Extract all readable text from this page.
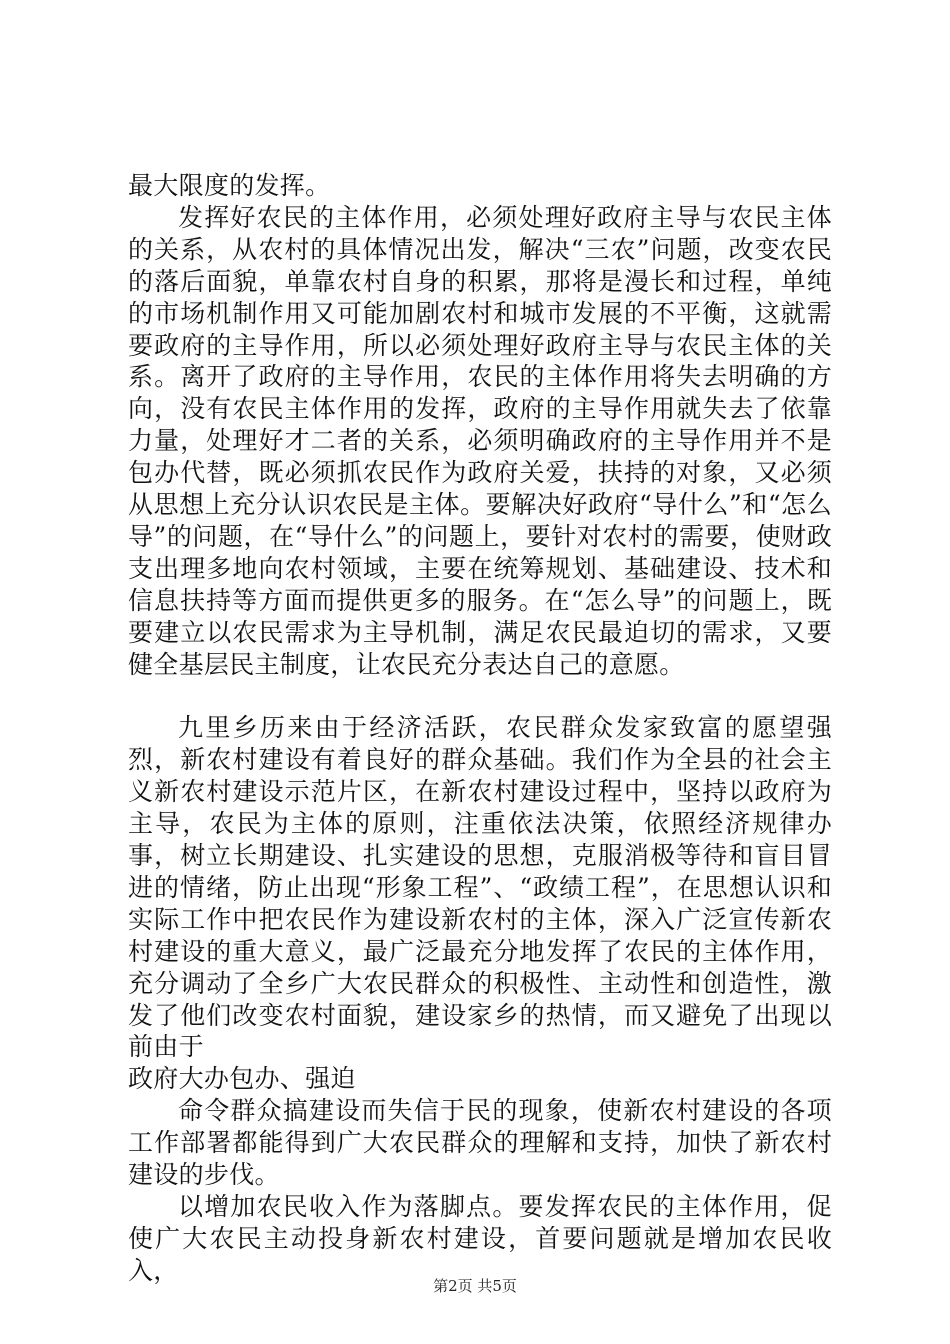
最大限度的发挥。

发挥好农民的主体作用，必须处理好政府主导与农民主体的关系，从农村的具体情况出发，解决“三农”问题，改变农民的落后面貌，单靠农村自身的积累，那将是漫长和过程，单纯的市场机制作用又可能加剧农村和城市发展的不平衡，这就需要政府的主导作用，所以必须处理好政府主导与农民主体的关系。离开了政府的主导作用，农民的主体作用将失去明确的方向，没有农民主体作用的发挥，政府的主导作用就失去了依靠力量，处理好才二者的关系，必须明确政府的主导作用并不是包办代替，既必须抓农民作为政府关爱，扶持的对象，又必须从思想上充分认识农民是主体。要解决好政府“导什么”和“怎么导”的问题，在“导什么”的问题上，要针对农村的需要，使财政支出理多地向农村领域，主要在统筹规划、基础建设、技术和信息扶持等方面而提供更多的服务。在“怎么导”的问题上，既要建立以农民需求为主导机制，满足农民最迫切的需求，又要健全基层民主制度，让农民充分表达自己的意愿。

九里乡历来由于经济活跃，农民群众发家致富的愿望强烈，新农村建设有着良好的群众基础。我们作为全县的社会主义新农村建设示范片区，在新农村建设过程中，坚持以政府为主导，农民为主体的原则，注重依法决策，依照经济规律办事，树立长期建设、扎实建设的思想，克服消极等待和盲目冒进的情绪，防止出现“形象工程”、“政绩工程”，在思想认识和实际工作中把农民作为建设新农村的主体，深入广泛宣传新农村建设的重大意义，最广泛最充分地发挥了农民的主体作用，充分调动了全乡广大农民群众的积极性、主动性和创造性，激发了他们改变农村面貌，建设家乡的热情，而又避免了出现以前由于

政府大办包办、强迫

命令群众搞建设而失信于民的现象，使新农村建设的各项工作部署都能得到广大农民群众的理解和支持，加快了新农村建设的步伐。

以增加农民收入作为落脚点。要发挥农民的主体作用，促使广大农民主动投身新农村建设，首要问题就是增加农民收入，

第2页 共5页
